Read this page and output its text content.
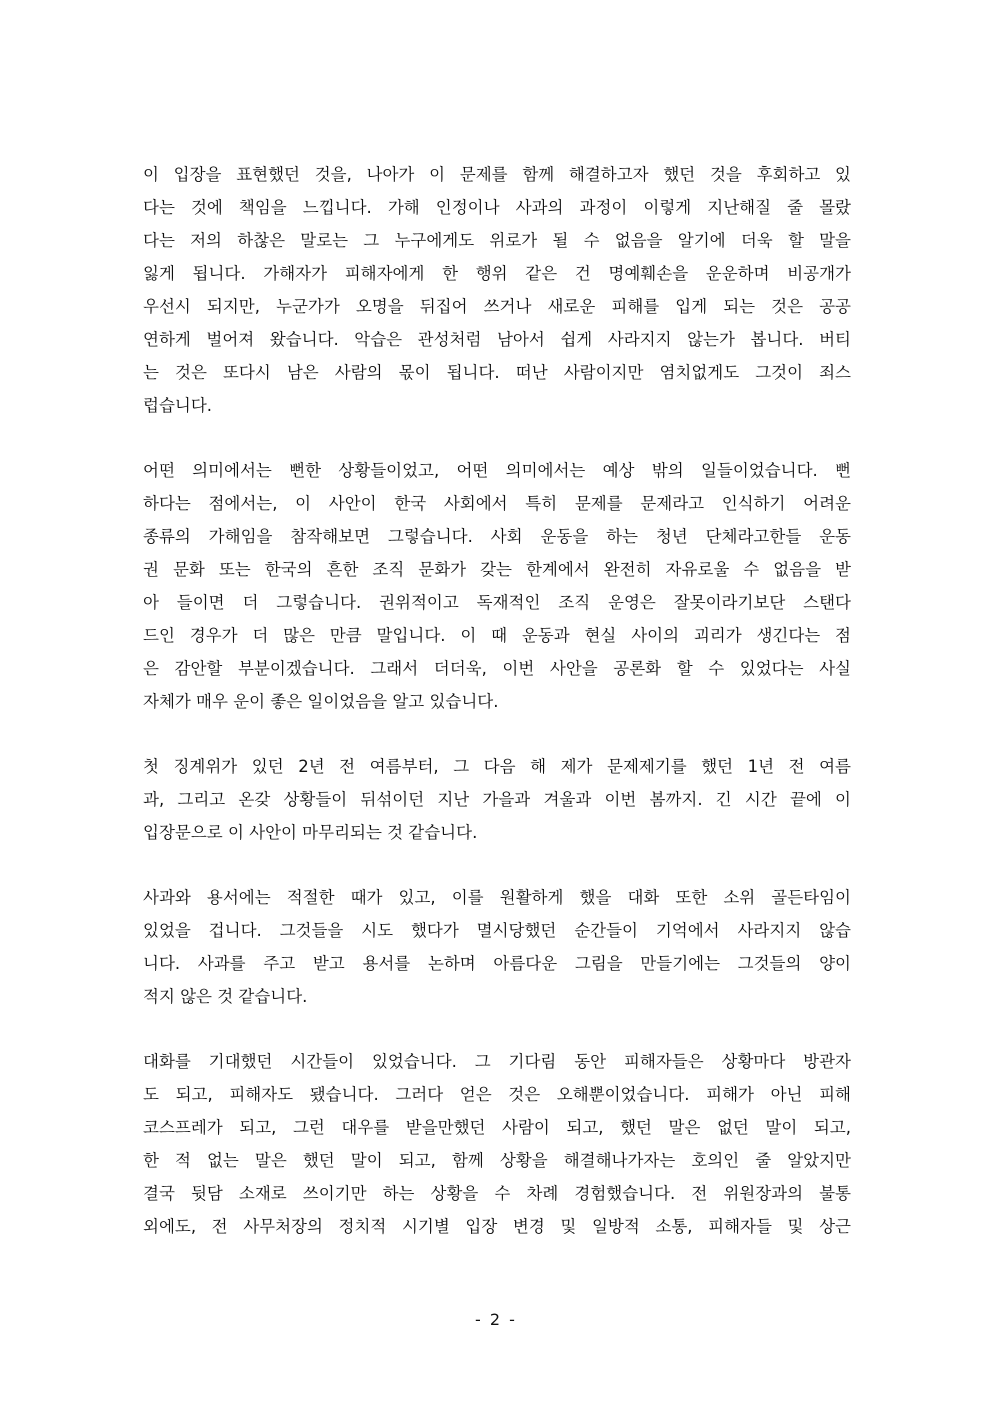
이 입장을 표현했던 것을, 나아가 이 문제를 함께 해결하고자 했던 것을 후회하고 있
다는 것에 책임을 느낍니다. 가해 인정이나 사과의 과정이 이렇게 지난해질 줄 몰랐
다는 저의 하찮은 말로는 그 누구에게도 위로가 될 수 없음을 알기에 더욱 할 말을
잃게 됩니다. 가해자가 피해자에게 한 행위 같은 건 명예훼손을 운운하며 비공개가
우선시 되지만, 누군가가 오명을 뒤집어 쓰거나 새로운 피해를 입게 되는 것은 공공
연하게 벌어져 왔습니다. 악습은 관성처럼 남아서 쉽게 사라지지 않는가 봅니다. 버티
는 것은 또다시 남은 사람의 몫이 됩니다. 떠난 사람이지만 염치없게도 그것이 죄스
럽습니다.
어떤 의미에서는 뻔한 상황들이었고, 어떤 의미에서는 예상 밖의 일들이었습니다. 뻔
하다는 점에서는, 이 사안이 한국 사회에서 특히 문제를 문제라고 인식하기 어려운
종류의 가해임을 참작해보면 그렇습니다. 사회 운동을 하는 청년 단체라고한들 운동
권 문화 또는 한국의 흔한 조직 문화가 갖는 한계에서 완전히 자유로울 수 없음을 받
아 들이면 더 그렇습니다. 권위적이고 독재적인 조직 운영은 잘못이라기보단 스탠다
드인 경우가 더 많은 만큼 말입니다. 이 때 운동과 현실 사이의 괴리가 생긴다는 점
은 감안할 부분이겠습니다. 그래서 더더욱, 이번 사안을 공론화 할 수 있었다는 사실
자체가 매우 운이 좋은 일이었음을 알고 있습니다.
첫 징계위가 있던 2년 전 여름부터, 그 다음 해 제가 문제제기를 했던 1년 전 여름
과, 그리고 온갖 상황들이 뒤섞이던 지난 가을과 겨울과 이번 봄까지. 긴 시간 끝에 이
입장문으로 이 사안이 마무리되는 것 같습니다.
사과와 용서에는 적절한 때가 있고, 이를 원활하게 했을 대화 또한 소위 골든타임이
있었을 겁니다. 그것들을 시도 했다가 멸시당했던 순간들이 기억에서 사라지지 않습
니다. 사과를 주고 받고 용서를 논하며 아름다운 그림을 만들기에는 그것들의 양이
적지 않은 것 같습니다.
대화를 기대했던 시간들이 있었습니다. 그 기다림 동안 피해자들은 상황마다 방관자
도 되고, 피해자도 됐습니다. 그러다 얻은 것은 오해뿐이었습니다. 피해가 아닌 피해
코스프레가 되고, 그런 대우를 받을만했던 사람이 되고, 했던 말은 없던 말이 되고,
한 적 없는 말은 했던 말이 되고, 함께 상황을 해결해나가자는 호의인 줄 알았지만
결국 뒷담 소재로 쓰이기만 하는 상황을 수 차례 경험했습니다. 전 위원장과의 불통
외에도, 전 사무처장의 정치적 시기별 입장 변경 및 일방적 소통, 피해자들 및 상근
- 2 -
